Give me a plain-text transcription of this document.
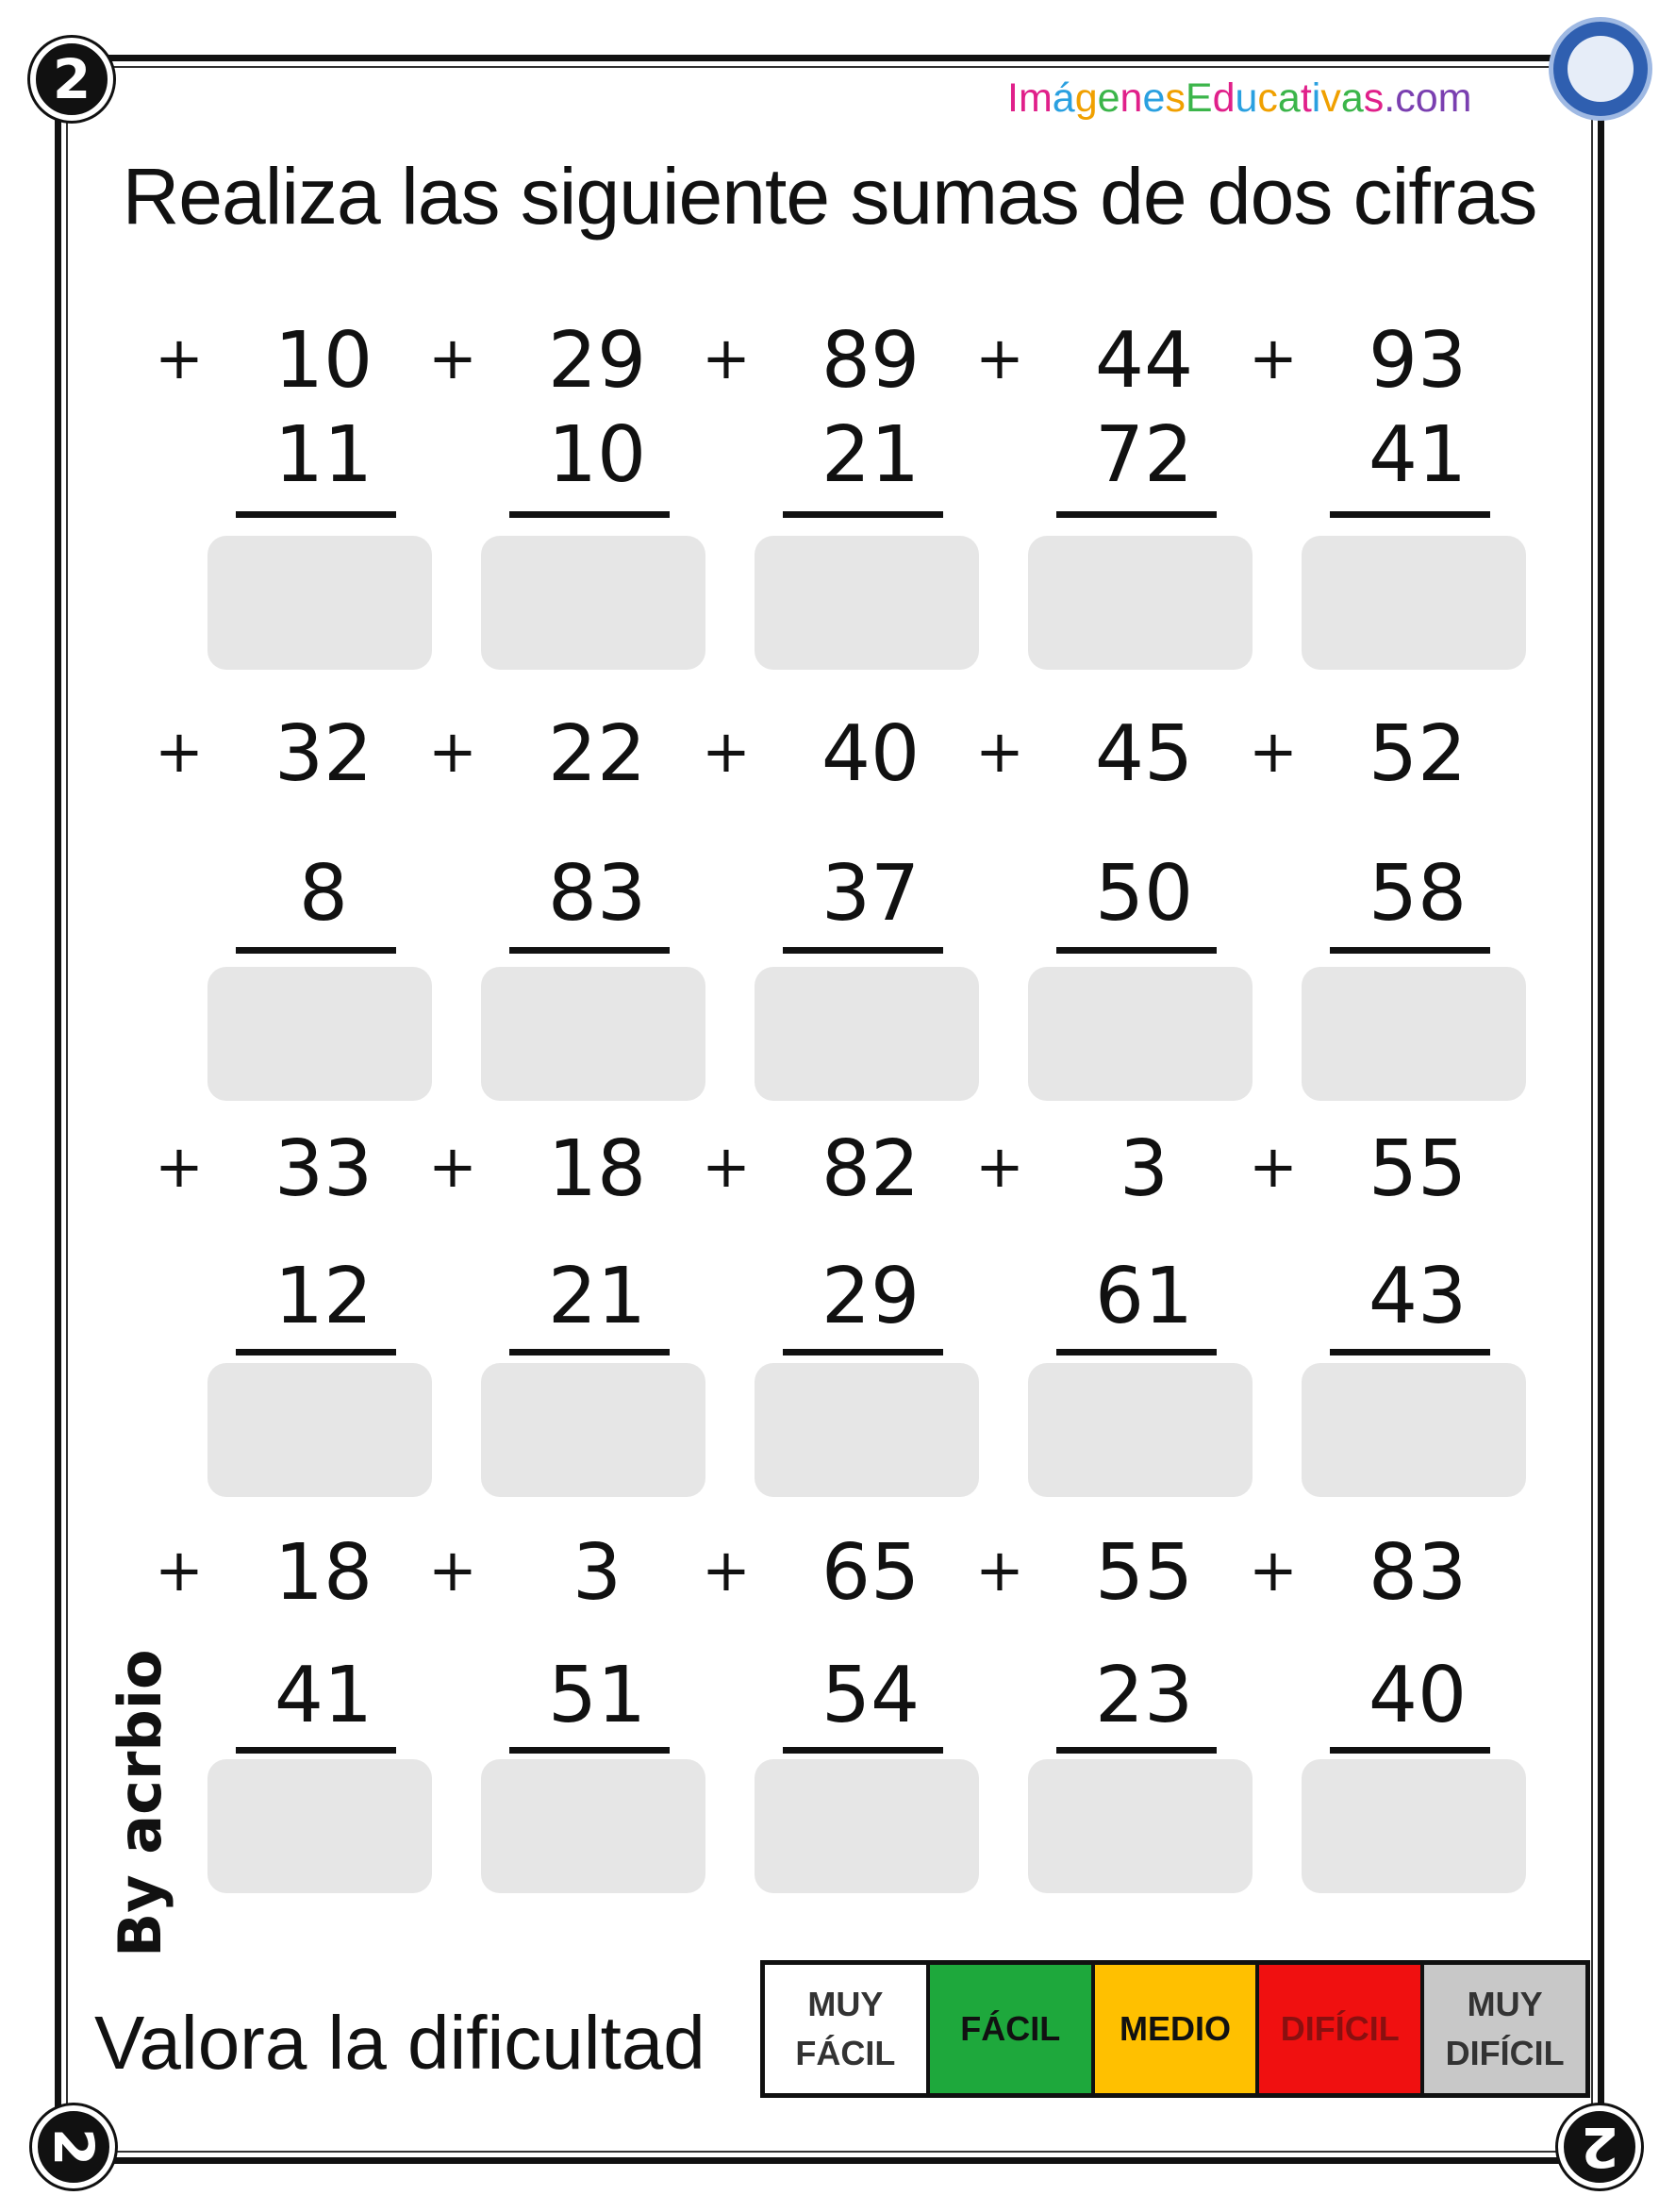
2
2	2
ImágenesEducativas.com
Realiza las siguiente sumas de dos cifras
+ 10
11
+ 29
10
+ 89
21
+ 44
72
+ 93
41
+ 32
8
+ 22
83
+ 40
37
+ 45
50
+ 52
58
+ 33
12
+ 18
21
+ 82
29
+	3
61
+ 55
43
+ 18
41
+	3
51
+ 65
54
+ 55
23
+ 83
40
By acrbio
Valora la dificultad	MUY
FÁCIL
FÁCIL	MEDIO	DIFÍCIL
MUY
DIFÍCIL
